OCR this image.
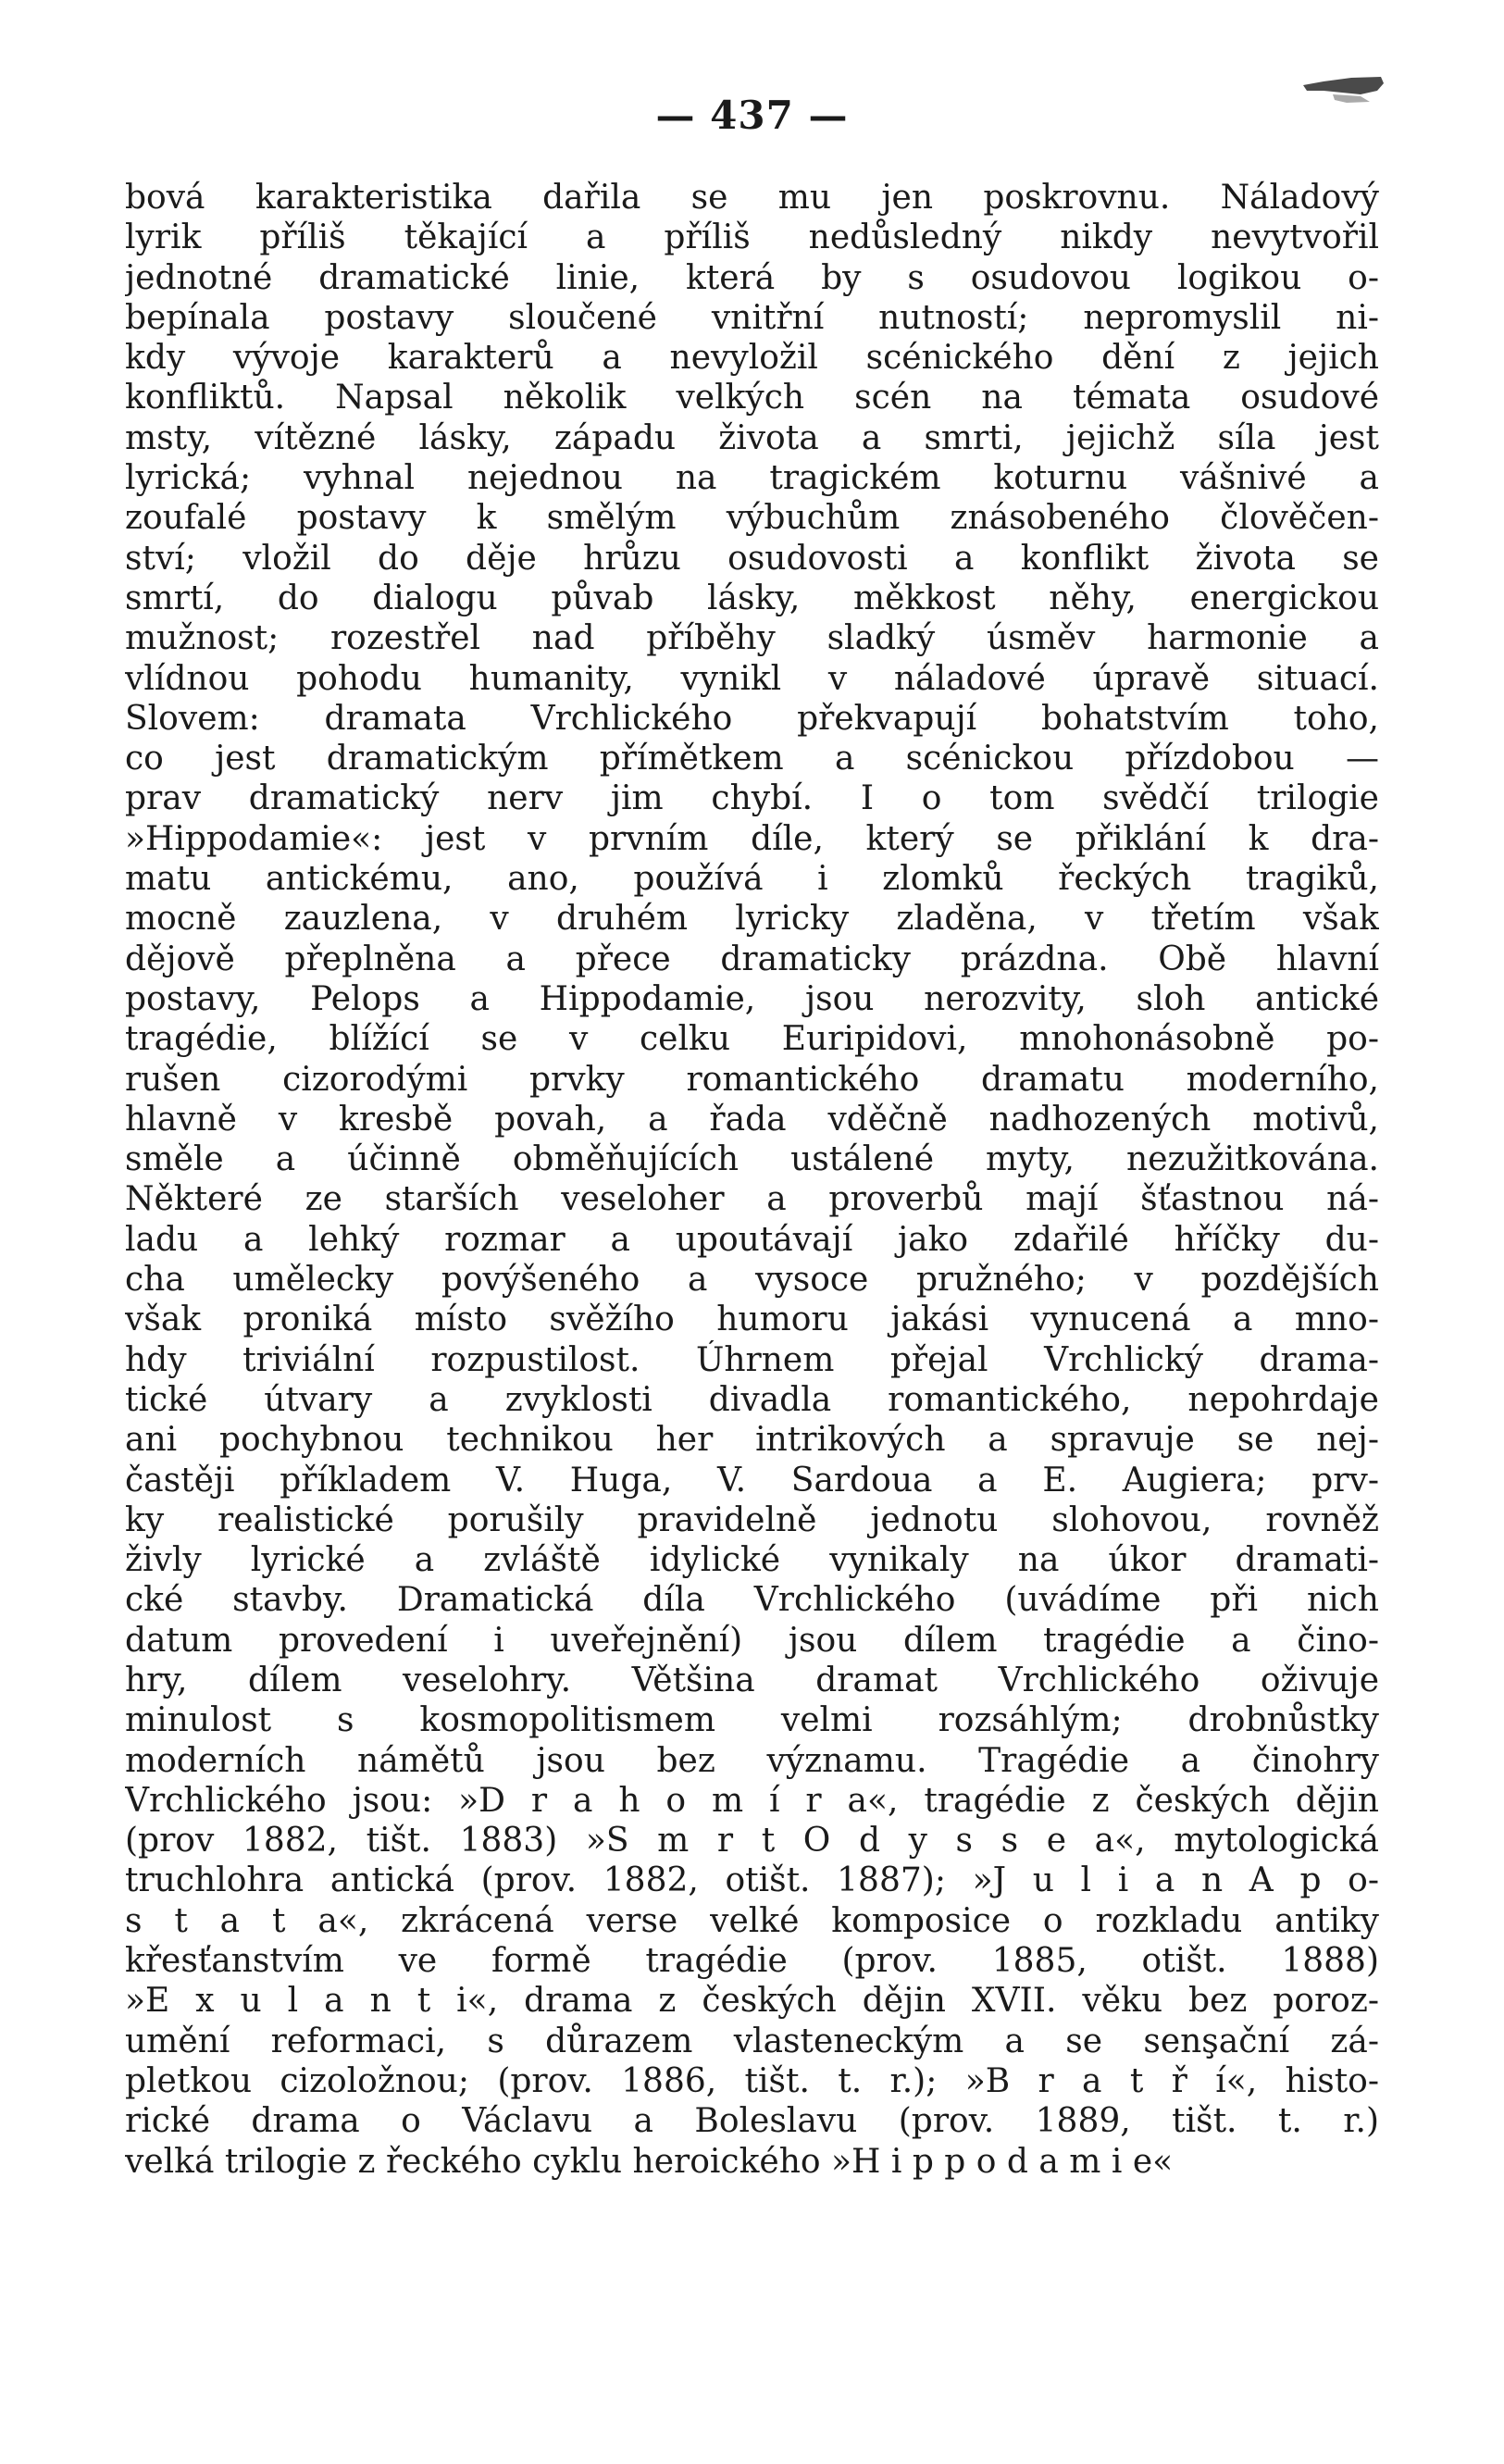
— 437 —
bová karakteristika dařila se mu jen poskrovnu. Náladový
lyrik příliš těkající a příliš nedůsledný nikdy nevytvořil
jednotné dramatické linie, která by s osudovou logikou o-
bepínala postavy sloučené vnitřní nutností; nepromyslil ni-
kdy vývoje karakterů a nevyložil scénického dění z jejich
konfliktů. Napsal několik velkých scén na témata osudové
msty, vítězné lásky, západu života a smrti, jejichž síla jest
lyrická; vyhnal nejednou na tragickém koturnu vášnivé a
zoufalé postavy k smělým výbuchům znásobeného člověčen-
ství; vložil do děje hrůzu osudovosti a konflikt života se
smrtí, do dialogu půvab lásky, měkkost něhy, energickou
mužnost; rozestřel nad příběhy sladký úsměv harmonie a
vlídnou pohodu humanity, vynikl v náladové úpravě situací.
Slovem: dramata Vrchlického překvapují bohatstvím toho,
co jest dramatickým přímětkem a scénickou přízdobou —
prav dramatický nerv jim chybí. I o tom svědčí trilogie
»Hippodamie«: jest v prvním díle, který se přiklání k dra-
matu antickému, ano, používá i zlomků řeckých tragiků,
mocně zauzlena, v druhém lyricky zladěna, v třetím však
dějově přeplněna a přece dramaticky prázdna. Obě hlavní
postavy, Pelops a Hippodamie, jsou nerozvity, sloh antické
tragédie, blížící se v celku Euripidovi, mnohonásobně po-
rušen cizorodými prvky romantického dramatu moderního,
hlavně v kresbě povah, a řada vděčně nadhozených motivů,
směle a účinně obměňujících ustálené myty, nezužitkována.
Některé ze starších veseloher a proverbů mají šťastnou ná-
ladu a lehký rozmar a upoutávají jako zdařilé hříčky du-
cha umělecky povýšeného a vysoce pružného; v pozdějších
však proniká místo svěžího humoru jakási vynucená a mno-
hdy triviální rozpustilost. Úhrnem přejal Vrchlický drama-
tické útvary a zvyklosti divadla romantického, nepohrdaje
ani pochybnou technikou her intrikových a spravuje se nej-
častěji příkladem V. Huga, V. Sardoua a E. Augiera; prv-
ky realistické porušily pravidelně jednotu slohovou, rovněž
živly lyrické a zvláště idylické vynikaly na úkor dramati-
cké stavby. Dramatická díla Vrchlického (uvádíme při nich
datum provedení i uveřejnění) jsou dílem tragédie a čino-
hry, dílem veselohry. Většina dramat Vrchlického oživuje
minulost s kosmopolitismem velmi rozsáhlým; drobnůstky
moderních námětů jsou bez významu. Tragédie a činohry
Vrchlického jsou: »D r a h o m í r a«, tragédie z českých dějin
(prov 1882, tišt. 1883) »S m r t O d y s s e a«, mytologická
truchlohra antická (prov. 1882, otišt. 1887); »J u l i a n A p o-
s t a t a«, zkrácená verse velké komposice o rozkladu antiky
křesťanstvím ve formě tragédie (prov. 1885, otišt. 1888)
»E x u l a n t i«, drama z českých dějin XVII. věku bez poroz-
umění reformaci, s důrazem vlasteneckým a se senşační zá-
pletkou cizoložnou; (prov. 1886, tišt. t. r.); »B r a t ř í«, histo-
rické drama o Václavu a Boleslavu (prov. 1889, tišt. t. r.)
velká trilogie z řeckého cyklu heroického »H i p p o d a m i e«
